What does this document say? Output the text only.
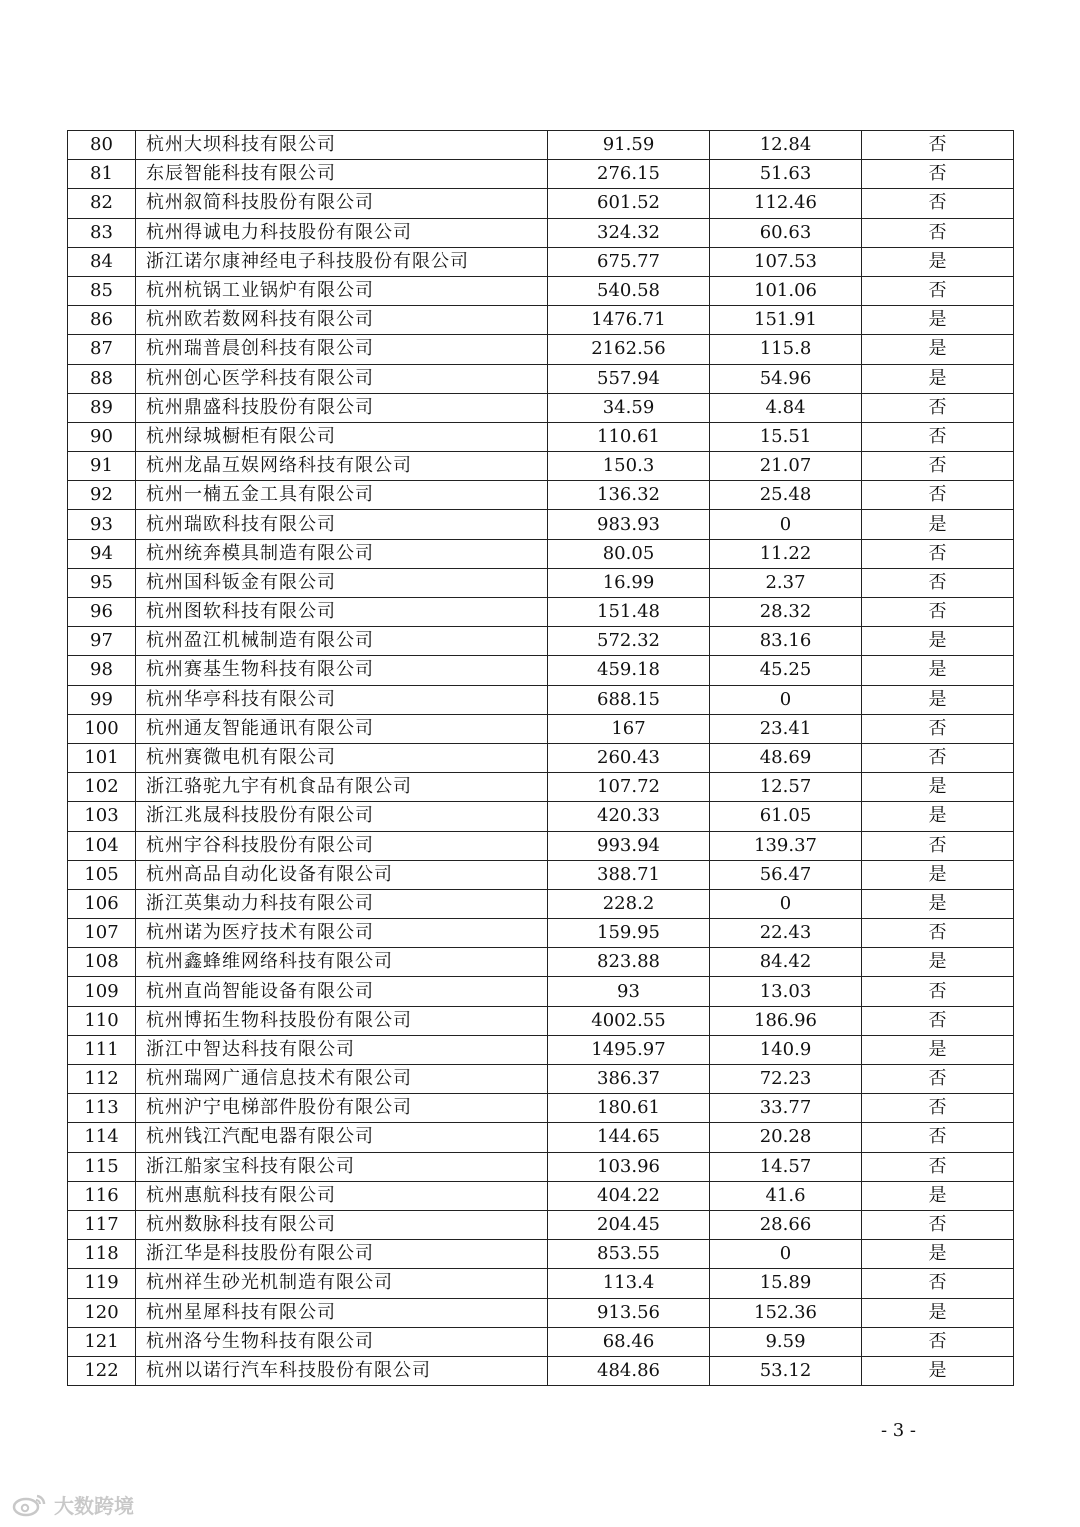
80	杭州大坝科技有限公司	91.59	12.84	否
81	东辰智能科技有限公司	276.15	51.63	否
82	杭州叙简科技股份有限公司	601.52	112.46	否
83	杭州得诚电力科技股份有限公司	324.32	60.63	否
84	浙江诺尔康神经电子科技股份有限公司	675.77	107.53	是
85	杭州杭锅工业锅炉有限公司	540.58	101.06	否
86	杭州欧若数网科技有限公司	1476.71	151.91	是
87	杭州瑞普晨创科技有限公司	2162.56	115.8	是
88	杭州创心医学科技有限公司	557.94	54.96	是
89	杭州鼎盛科技股份有限公司	34.59	4.84	否
90	杭州绿城橱柜有限公司	110.61	15.51	否
91	杭州龙晶互娱网络科技有限公司	150.3	21.07	否
92	杭州一楠五金工具有限公司	136.32	25.48	否
93	杭州瑞欧科技有限公司	983.93	0	是
94	杭州统奔模具制造有限公司	80.05	11.22	否
95	杭州国科钣金有限公司	16.99	2.37	否
96	杭州图软科技有限公司	151.48	28.32	否
97	杭州盈江机械制造有限公司	572.32	83.16	是
98	杭州赛基生物科技有限公司	459.18	45.25	是
99	杭州华亭科技有限公司	688.15	0	是
100	杭州通友智能通讯有限公司	167	23.41	否
101	杭州赛微电机有限公司	260.43	48.69	否
102	浙江骆驼九宇有机食品有限公司	107.72	12.57	是
103	浙江兆晟科技股份有限公司	420.33	61.05	是
104	杭州宇谷科技股份有限公司	993.94	139.37	否
105	杭州高品自动化设备有限公司	388.71	56.47	是
106	浙江英集动力科技有限公司	228.2	0	是
107	杭州诺为医疗技术有限公司	159.95	22.43	否
108	杭州鑫蜂维网络科技有限公司	823.88	84.42	是
109	杭州直尚智能设备有限公司	93	13.03	否
110	杭州博拓生物科技股份有限公司	4002.55	186.96	否
111	浙江中智达科技有限公司	1495.97	140.9	是
112	杭州瑞网广通信息技术有限公司	386.37	72.23	否
113	杭州沪宁电梯部件股份有限公司	180.61	33.77	否
114	杭州钱江汽配电器有限公司	144.65	20.28	否
115	浙江船家宝科技有限公司	103.96	14.57	否
116	杭州惠航科技有限公司	404.22	41.6	是
117	杭州数脉科技有限公司	204.45	28.66	否
118	浙江华是科技股份有限公司	853.55	0	是
119	杭州祥生砂光机制造有限公司	113.4	15.89	否
120	杭州星犀科技有限公司	913.56	152.36	是
121	杭州洛兮生物科技有限公司	68.46	9.59	否
122	杭州以诺行汽车科技股份有限公司	484.86	53.12	是
- 3 -
大数跨境
